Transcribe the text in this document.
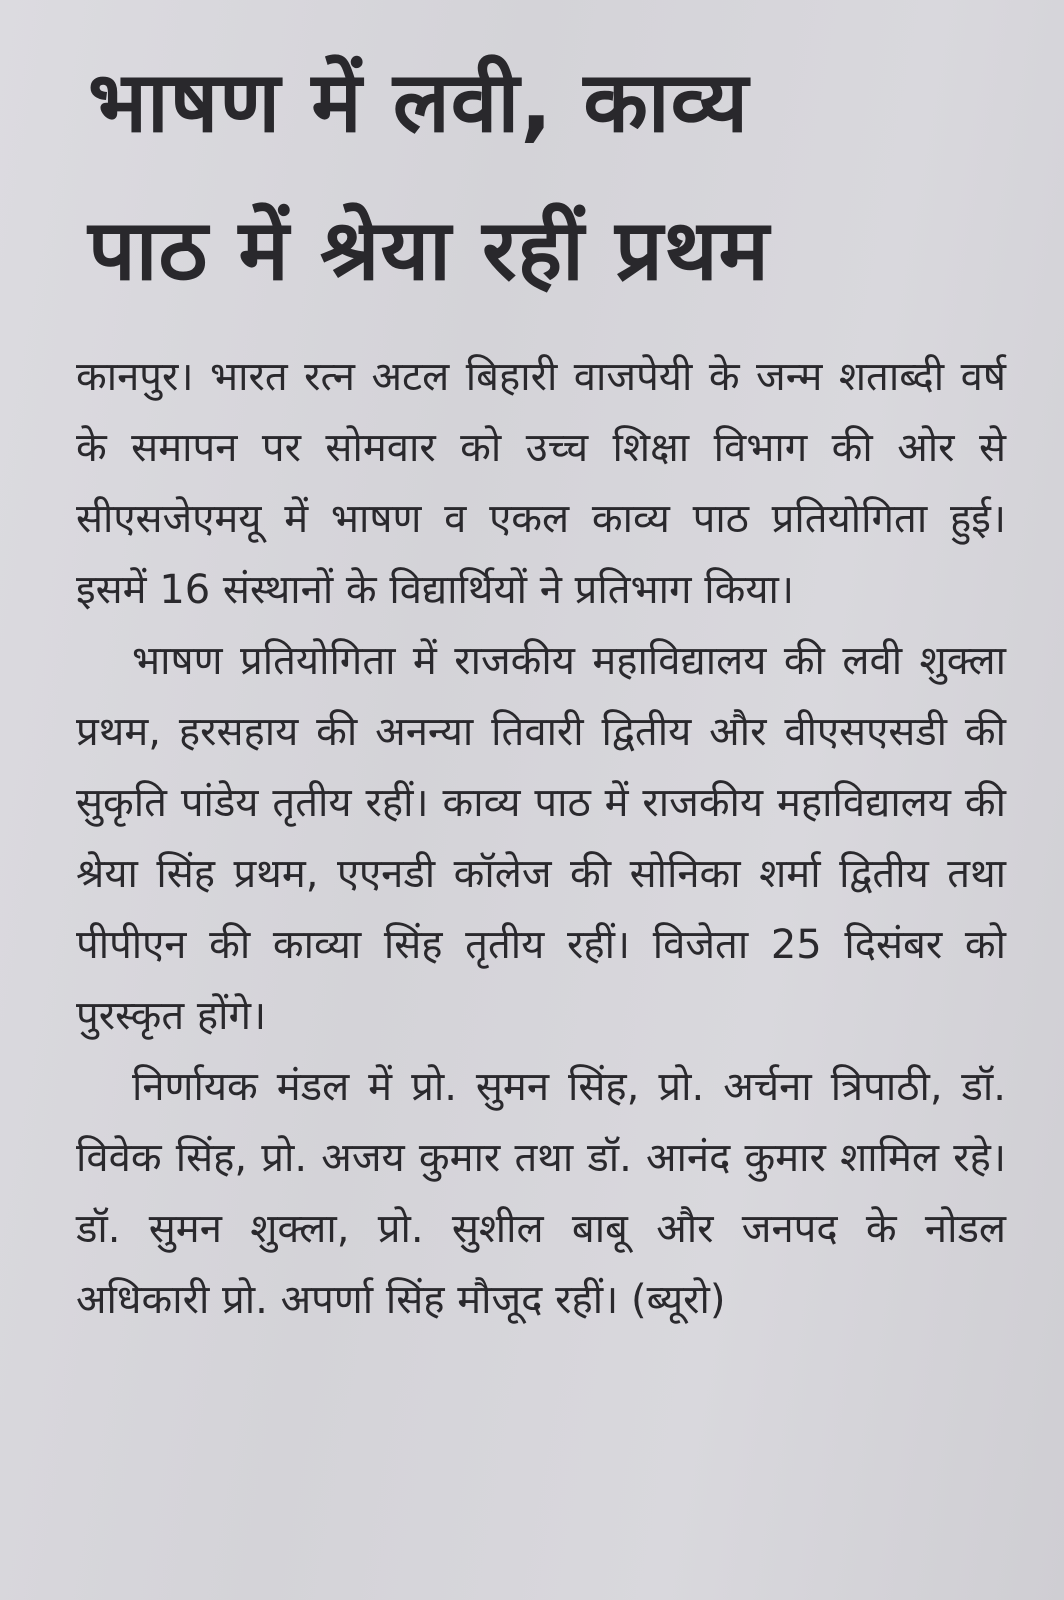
भाषण में लवी, काव्य
पाठ में श्रेया रहीं प्रथम

कानपुर। भारत रत्न अटल बिहारी वाजपेयी के जन्म शताब्दी वर्ष के समापन पर सोमवार को उच्च शिक्षा विभाग की ओर से सीएसजेएमयू में भाषण व एकल काव्य पाठ प्रतियोगिता हुई। इसमें 16 संस्थानों के विद्यार्थियों ने प्रतिभाग किया।

भाषण प्रतियोगिता में राजकीय महाविद्यालय की लवी शुक्ला प्रथम, हरसहाय की अनन्या तिवारी द्वितीय और वीएसएसडी की सुकृति पांडेय तृतीय रहीं। काव्य पाठ में राजकीय महाविद्यालय की श्रेया सिंह प्रथम, एएनडी कॉलेज की सोनिका शर्मा द्वितीय तथा पीपीएन की काव्या सिंह तृतीय रहीं। विजेता 25 दिसंबर को पुरस्कृत होंगे।

निर्णायक मंडल में प्रो. सुमन सिंह, प्रो. अर्चना त्रिपाठी, डॉ. विवेक सिंह, प्रो. अजय कुमार तथा डॉ. आनंद कुमार शामिल रहे। डॉ. सुमन शुक्ला, प्रो. सुशील बाबू और जनपद के नोडल अधिकारी प्रो. अपर्णा सिंह मौजूद रहीं। (ब्यूरो)
